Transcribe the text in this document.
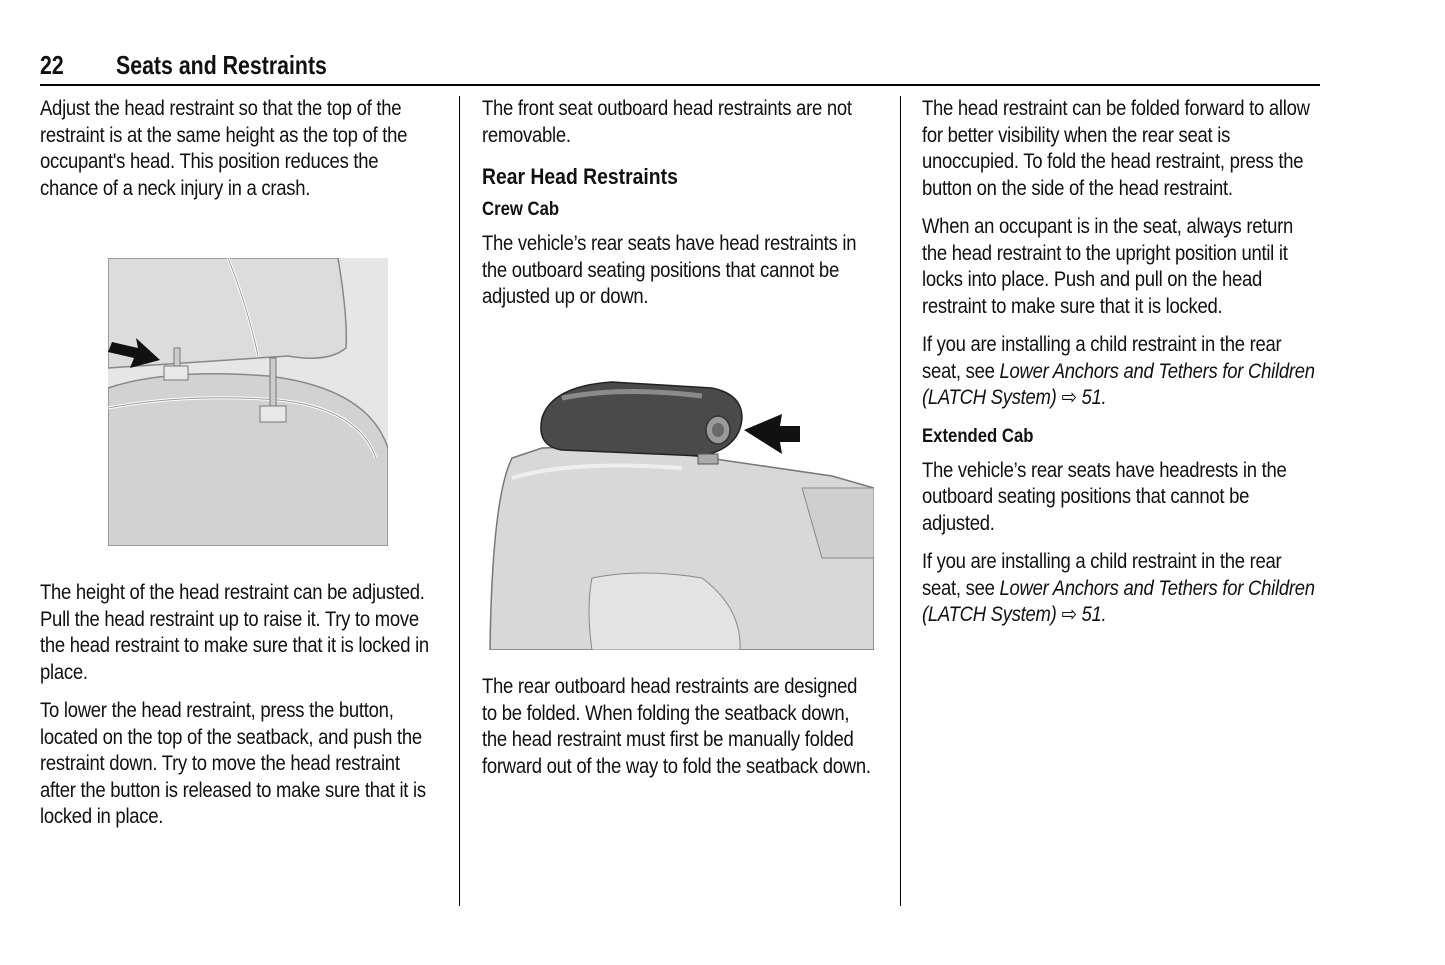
22 Seats and Restraints

Adjust the head restraint so that the top of the restraint is at the same height as the top of the occupant's head. This position reduces the chance of a neck injury in a crash.

The height of the head restraint can be adjusted. Pull the head restraint up to raise it. Try to move the head restraint to make sure that it is locked in place.

To lower the head restraint, press the button, located on the top of the seatback, and push the restraint down. Try to move the head restraint after the button is released to make sure that it is locked in place.

The front seat outboard head restraints are not removable.

Rear Head Restraints
Crew Cab

The vehicle’s rear seats have head restraints in the outboard seating positions that cannot be adjusted up or down.

The rear outboard head restraints are designed to be folded. When folding the seatback down, the head restraint must first be manually folded forward out of the way to fold the seatback down.

The head restraint can be folded forward to allow for better visibility when the rear seat is unoccupied. To fold the head restraint, press the button on the side of the head restraint.

When an occupant is in the seat, always return the head restraint to the upright position until it locks into place. Push and pull on the head restraint to make sure that it is locked.

If you are installing a child restraint in the rear seat, see Lower Anchors and Tethers for Children (LATCH System) ⇨ 51.

Extended Cab

The vehicle’s rear seats have headrests in the outboard seating positions that cannot be adjusted.

If you are installing a child restraint in the rear seat, see Lower Anchors and Tethers for Children (LATCH System) ⇨ 51.
